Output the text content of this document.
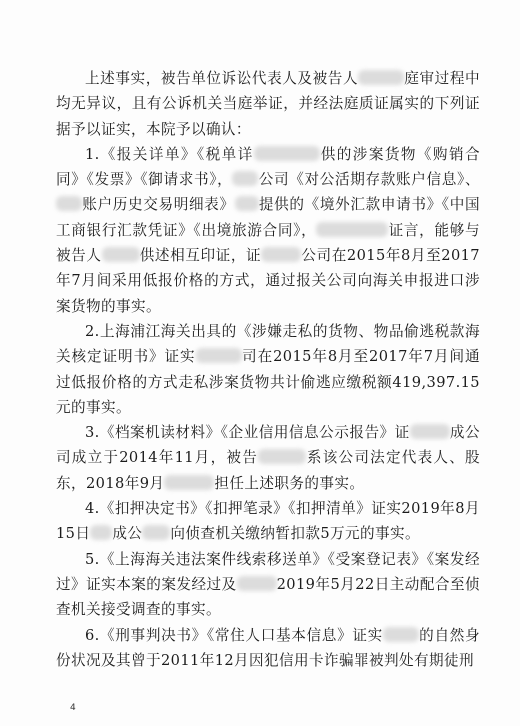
上述事实，被告单位诉讼代表人及被告人	庭审过程中均无异议，且有公诉机关当庭举证，并经法庭质证属实的下列证据予以证实，本院予以确认：

1.《报关详单》《税单详	供的涉案货物《购销合同》《发票》《御请求书》， 公司《对公活期存款账户信息》、账户历史交易明细表》 提供的《境外汇款申请书》《中国工商银行汇款凭证》《出境旅游合同》，	证言，能够与被告人	供述相互印证，证	公司在2015年8月至2017年7月间采用低报价格的方式，通过报关公司向海关申报进口涉案货物的事实。

2.上海浦江海关出具的《涉嫌走私的货物、物品偷逃税款海关核定证明书》证实	司在2015年8月至2017年7月间通过低报价格的方式走私涉案货物共计偷逃应缴税额419,397.15元的事实。

3.《档案机读材料》《企业信用信息公示报告》证	成公司成立于2014年11月，被告	系该公司法定代表人、股东，2018年9月	担任上述职务的事实。

4.《扣押决定书》《扣押笔录》《扣押清单》证实2019年8月15日 成公 向侦查机关缴纳暂扣款5万元的事实。

5.《上海海关违法案件线索移送单》《受案登记表》《案发经过》证实本案的案发经过及	2019年5月22日主动配合至侦查机关接受调查的事实。

6.《刑事判决书》《常住人口基本信息》证实 的自然身份状况及其曾于2011年12月因犯信用卡诈骗罪被判处有期徒刑

4
